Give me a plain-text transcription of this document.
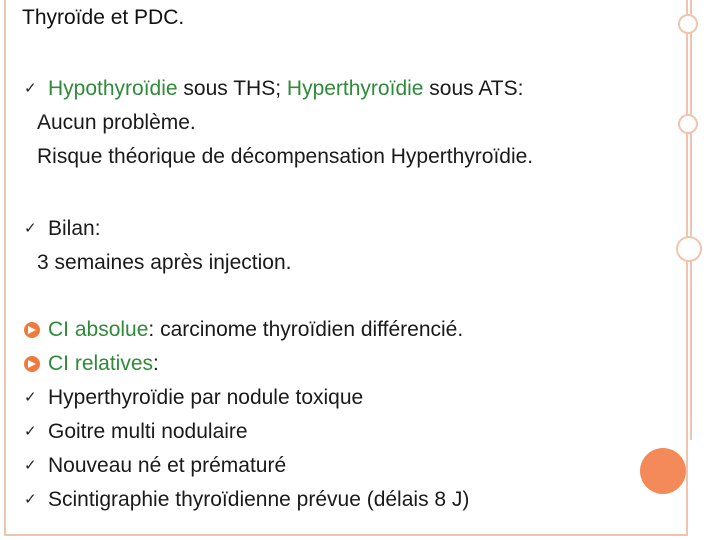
Thyroïde et PDC.
✓ Hypothyroïdie sous THS; Hyperthyroïdie sous ATS:
Aucun problème.
Risque théorique de décompensation Hyperthyroïdie.
✓ Bilan:
3 semaines après injection.
CI absolue: carcinome thyroïdien différencié.
CI relatives:
✓ Hyperthyroïdie par nodule toxique
✓ Goitre multi nodulaire
✓ Nouveau né et prématuré
✓ Scintigraphie thyroïdienne prévue (délais 8 J)
